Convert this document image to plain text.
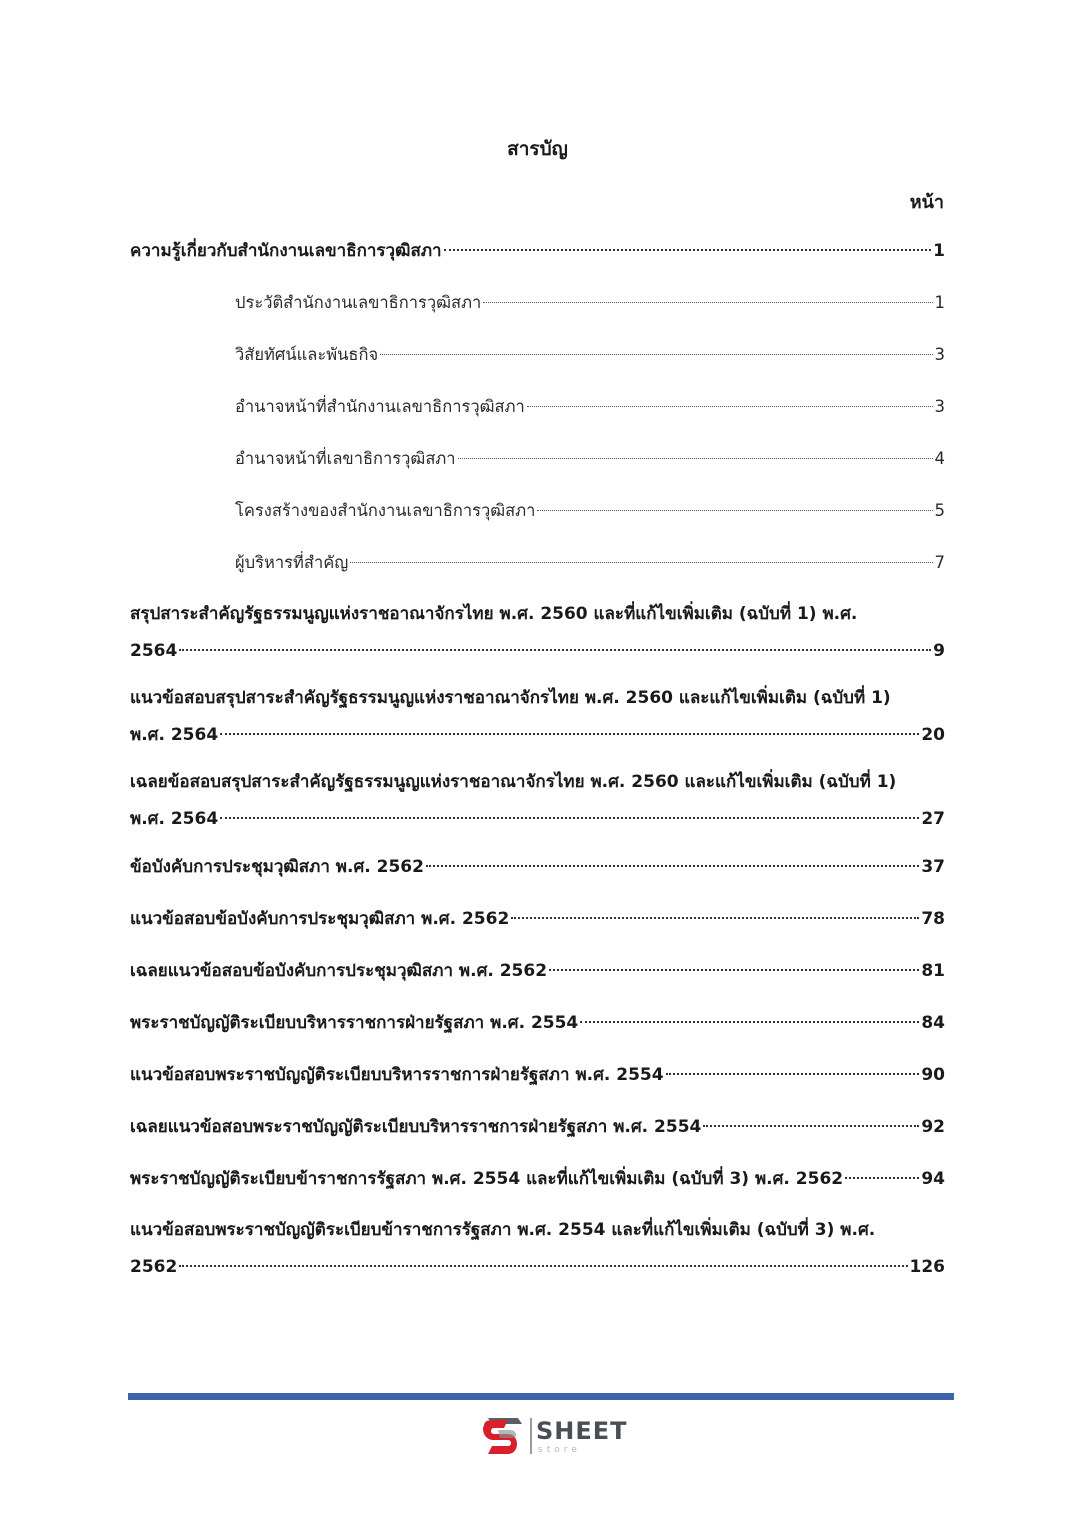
สารบัญ
หน้า
ความรู้เกี่ยวกับสำนักงานเลขาธิการวุฒิสภา	1
ประวัติสำนักงานเลขาธิการวุฒิสภา	1
วิสัยทัศน์และพันธกิจ	3
อำนาจหน้าที่สำนักงานเลขาธิการวุฒิสภา	3
อำนาจหน้าที่เลขาธิการวุฒิสภา	4
โครงสร้างของสำนักงานเลขาธิการวุฒิสภา	5
ผู้บริหารที่สำคัญ	7
สรุปสาระสำคัญรัฐธรรมนูญแห่งราชอาณาจักรไทย พ.ศ. 2560 และที่แก้ไขเพิ่มเติม (ฉบับที่ 1) พ.ศ.
2564	9
แนวข้อสอบสรุปสาระสำคัญรัฐธรรมนูญแห่งราชอาณาจักรไทย พ.ศ. 2560 และแก้ไขเพิ่มเติม (ฉบับที่ 1)
พ.ศ. 2564	20
เฉลยข้อสอบสรุปสาระสำคัญรัฐธรรมนูญแห่งราชอาณาจักรไทย พ.ศ. 2560 และแก้ไขเพิ่มเติม (ฉบับที่ 1)
พ.ศ. 2564	27
ข้อบังคับการประชุมวุฒิสภา พ.ศ. 2562	37
แนวข้อสอบข้อบังคับการประชุมวุฒิสภา พ.ศ. 2562	78
เฉลยแนวข้อสอบข้อบังคับการประชุมวุฒิสภา พ.ศ. 2562	81
พระราชบัญญัติระเบียบบริหารราชการฝ่ายรัฐสภา พ.ศ. 2554	84
แนวข้อสอบพระราชบัญญัติระเบียบบริหารราชการฝ่ายรัฐสภา พ.ศ. 2554	90
เฉลยแนวข้อสอบพระราชบัญญัติระเบียบบริหารราชการฝ่ายรัฐสภา พ.ศ. 2554	92
พระราชบัญญัติระเบียบข้าราชการรัฐสภา พ.ศ. 2554 และที่แก้ไขเพิ่มเติม (ฉบับที่ 3) พ.ศ. 2562	94
แนวข้อสอบพระราชบัญญัติระเบียบข้าราชการรัฐสภา พ.ศ. 2554 และที่แก้ไขเพิ่มเติม (ฉบับที่ 3) พ.ศ.
2562	126
SHEET
store
